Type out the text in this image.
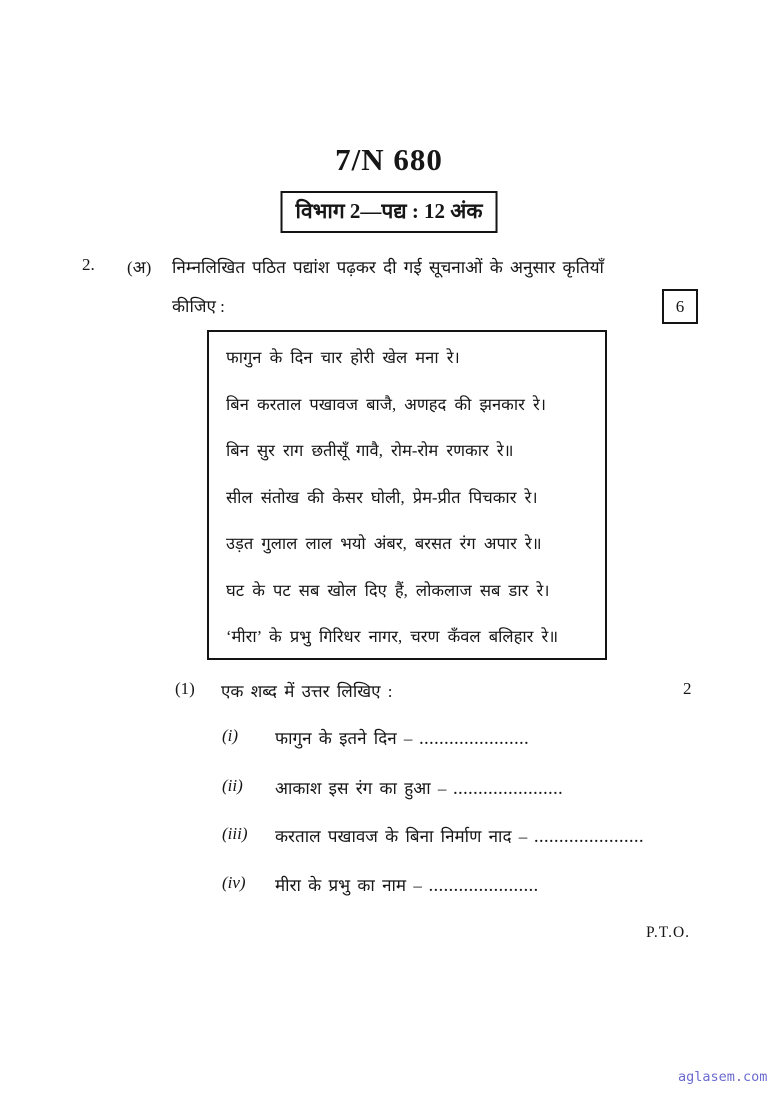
7/N 680
विभाग 2—पद्य : 12 अंक
2. (अ) निम्नलिखित पठित पद्यांश पढ़कर दी गई सूचनाओं के अनुसार कृतियाँ
कीजिए :	6
फागुन के दिन चार होरी खेल मना रे।
बिन करताल पखावज बाजै, अणहद की झनकार रे।
बिन सुर राग छतीसूँ गावै, रोम-रोम रणकार रे॥
सील संतोख की केसर घोली, प्रेम-प्रीत पिचकार रे।
उड़त गुलाल लाल भयो अंबर, बरसत रंग अपार रे॥
घट के पट सब खोल दिए हैं, लोकलाज सब डार रे।
‘मीरा’ के प्रभु गिरिधर नागर, चरण कँवल बलिहार रे॥
(1) एक शब्द में उत्तर लिखिए :	2
(i) फागुन के इतने दिन – ......................
(ii) आकाश इस रंग का हुआ – ......................
(iii) करताल पखावज के बिना निर्माण नाद – ......................
(iv) मीरा के प्रभु का नाम – ......................
P.T.O.
aglasem.com
